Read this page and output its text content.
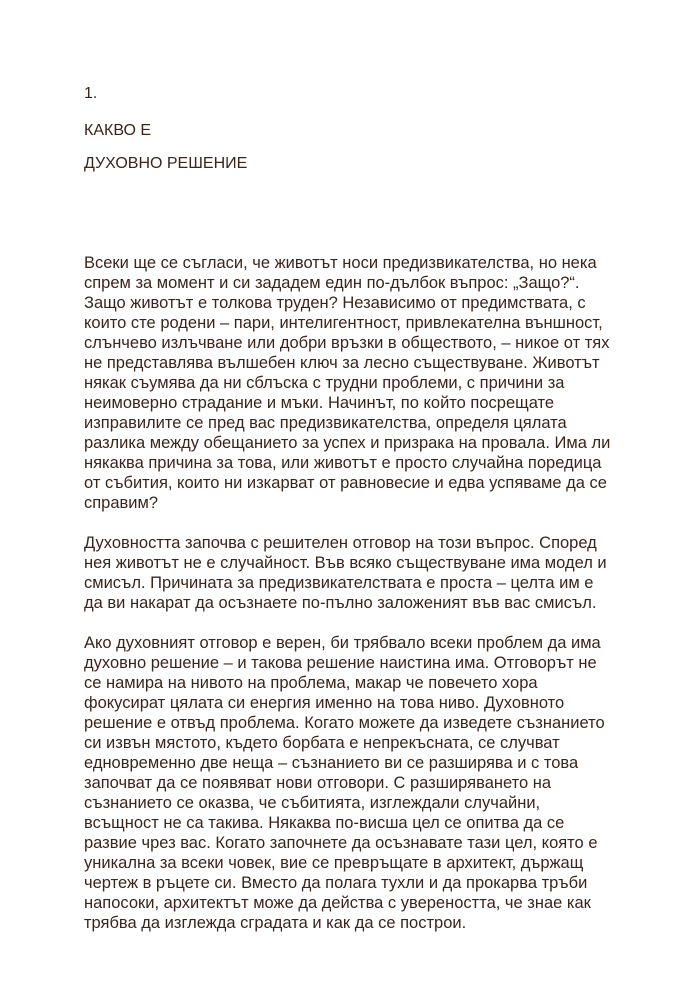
1.
КАКВО Е
ДУХОВНО РЕШЕНИЕ

Всеки ще се съгласи, че животът носи предизвикателства, но нека
спрем за момент и си зададем един по-дълбок въпрос: „Защо?“.
Защо животът е толкова труден? Независимо от предимствата, с
които сте родени – пари, интелигентност, привлекателна външност,
слънчево излъчване или добри връзки в обществото, – никое от тях
не представлява вълшебен ключ за лесно съществуване. Животът
някак съумява да ни сблъска с трудни проблеми, с причини за
неимоверно страдание и мъки. Начинът, по който посрещате
изправилите се пред вас предизвикателства, определя цялата
разлика между обещанието за успех и призрака на провала. Има ли
някаква причина за това, или животът е просто случайна поредица
от събития, които ни изкарват от равновесие и едва успяваме да се
справим?

Духовността започва с решителен отговор на този въпрос. Според
нея животът не е случайност. Във всяко съществуване има модел и
смисъл. Причината за предизвикателствата е проста – целта им е
да ви накарат да осъзнаете по-пълно заложеният във вас смисъл.

Ако духовният отговор е верен, би трябвало всеки проблем да има
духовно решение – и такова решение наистина има. Отговорът не
се намира на нивото на проблема, макар че повечето хора
фокусират цялата си енергия именно на това ниво. Духовното
решение е отвъд проблема. Когато можете да изведете съзнанието
си извън мястото, където борбата е непрекъсната, се случват
едновременно две неща – съзнанието ви се разширява и с това
започват да се появяват нови отговори. С разширяването на
съзнанието се оказва, че събитията, изглеждали случайни,
всъщност не са такива. Някаква по-висша цел се опитва да се
развие чрез вас. Когато започнете да осъзнавате тази цел, която е
уникална за всеки човек, вие се превръщате в архитект, държащ
чертеж в ръцете си. Вместо да полага тухли и да прокарва тръби
напосоки, архитектът може да действа с увереността, че знае как
трябва да изглежда сградата и как да се построи.
